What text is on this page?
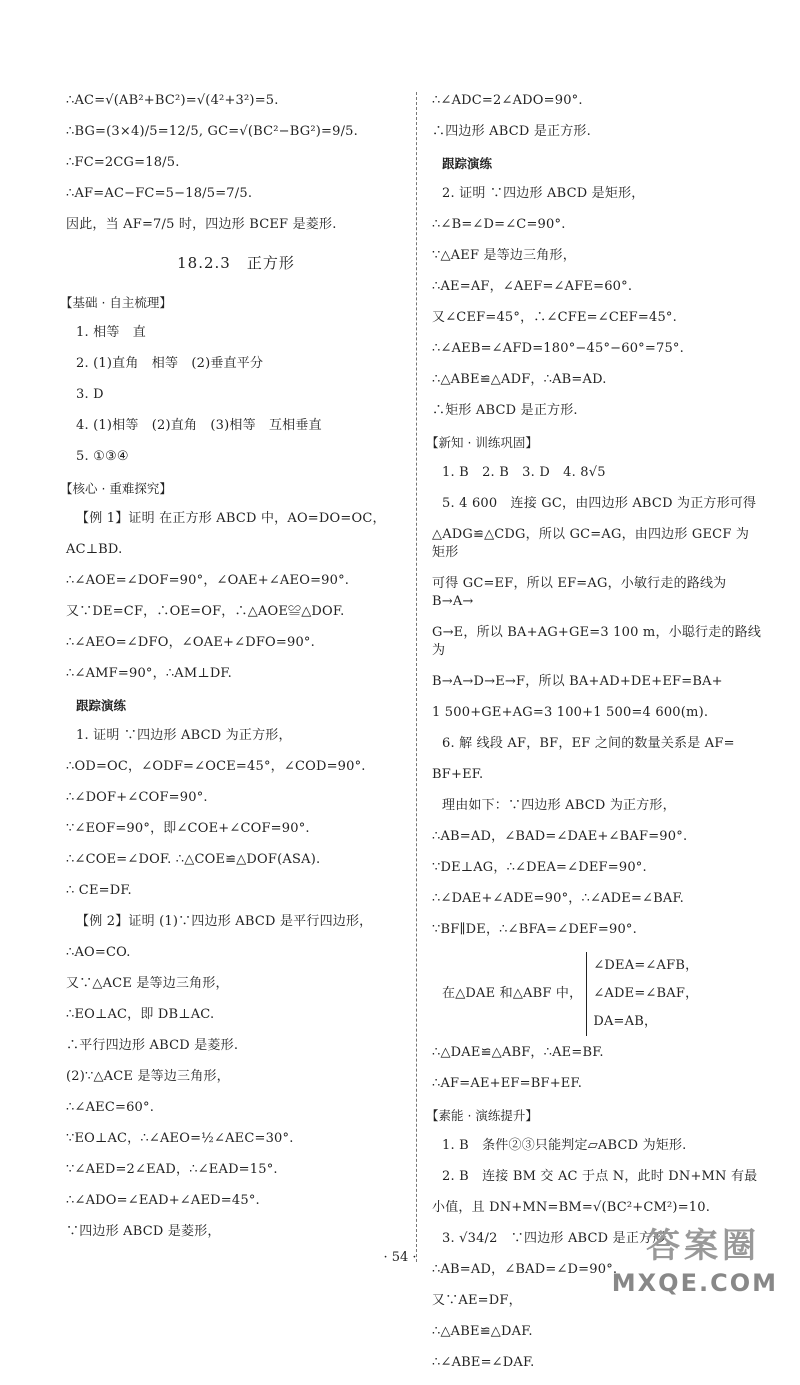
∴AC=√(AB²+BC²)=√(4²+3²)=5.
∴BG=(3×4)/5=12/5, GC=√(BC²−BG²)=9/5.
∴FC=2CG=18/5.
∴AF=AC−FC=5−18/5=7/5.
因此，当 AF=7/5 时，四边形 BCEF 是菱形.
18.2.3　正方形
【基础 · 自主梳理】
1. 相等　直
2. (1)直角　相等　(2)垂直平分
3. D
4. (1)相等　(2)直角　(3)相等　互相垂直
5. ①③④
【核心 · 重难探究】
【例 1】证明 在正方形 ABCD 中，AO=DO=OC，
AC⊥BD.
∴∠AOE=∠DOF=90°，∠OAE+∠AEO=90°.
又∵DE=CF，∴OE=OF，∴△AOE≌△DOF.
∴∠AEO=∠DFO，∠OAE+∠DFO=90°.
∴∠AMF=90°，∴AM⊥DF.
跟踪演练
1. 证明 ∵四边形 ABCD 为正方形，
∴OD=OC，∠ODF=∠OCE=45°，∠COD=90°.
∴∠DOF+∠COF=90°.
∵∠EOF=90°，即∠COE+∠COF=90°.
∴∠COE=∠DOF. ∴△COE≌△DOF(ASA).
∴ CE=DF.
【例 2】证明 (1)∵四边形 ABCD 是平行四边形，
∴AO=CO.
又∵△ACE 是等边三角形，
∴EO⊥AC，即 DB⊥AC.
∴平行四边形 ABCD 是菱形.
(2)∵△ACE 是等边三角形，
∴∠AEC=60°.
∵EO⊥AC，∴∠AEO=½∠AEC=30°.
∵∠AED=2∠EAD，∴∠EAD=15°.
∴∠ADO=∠EAD+∠AED=45°.
∵四边形 ABCD 是菱形，
∴∠ADC=2∠ADO=90°.
∴四边形 ABCD 是正方形.
跟踪演练
2. 证明 ∵四边形 ABCD 是矩形，
∴∠B=∠D=∠C=90°.
∵△AEF 是等边三角形，
∴AE=AF，∠AEF=∠AFE=60°.
又∠CEF=45°，∴∠CFE=∠CEF=45°.
∴∠AEB=∠AFD=180°−45°−60°=75°.
∴△ABE≌△ADF，∴AB=AD.
∴矩形 ABCD 是正方形.
【新知 · 训练巩固】
1. B　2. B　3. D　4. 8√5
5. 4 600　连接 GC，由四边形 ABCD 为正方形可得
△ADG≌△CDG，所以 GC=AG，由四边形 GECF 为矩形
可得 GC=EF，所以 EF=AG，小敏行走的路线为 B→A→
G→E，所以 BA+AG+GE=3 100 m，小聪行走的路线为
B→A→D→E→F，所以 BA+AD+DE+EF=BA+
1 500+GE+AG=3 100+1 500=4 600(m).
6. 解 线段 AF，BF，EF 之间的数量关系是 AF=
BF+EF.
理由如下：∵四边形 ABCD 为正方形，
∴AB=AD，∠BAD=∠DAE+∠BAF=90°.
∵DE⊥AG，∴∠DEA=∠DEF=90°.
∴∠DAE+∠ADE=90°，∴∠ADE=∠BAF.
∵BF∥DE，∴∠BFA=∠DEF=90°.
在△DAE 和△ABF 中，
∠DEA=∠AFB，
∠ADE=∠BAF，
DA=AB，
∴△DAE≌△ABF，∴AE=BF.
∴AF=AE+EF=BF+EF.
【素能 · 演练提升】
1. B　条件②③只能判定▱ABCD 为矩形.
2. B　连接 BM 交 AC 于点 N，此时 DN+MN 有最
小值，且 DN+MN=BM=√(BC²+CM²)=10.
3. √34/2　∵四边形 ABCD 是正方形，
∴AB=AD，∠BAD=∠D=90°.
又∵AE=DF，
∴△ABE≌△DAF.
∴∠ABE=∠DAF.
· 54 ·	答案圈
MXQE.COM
